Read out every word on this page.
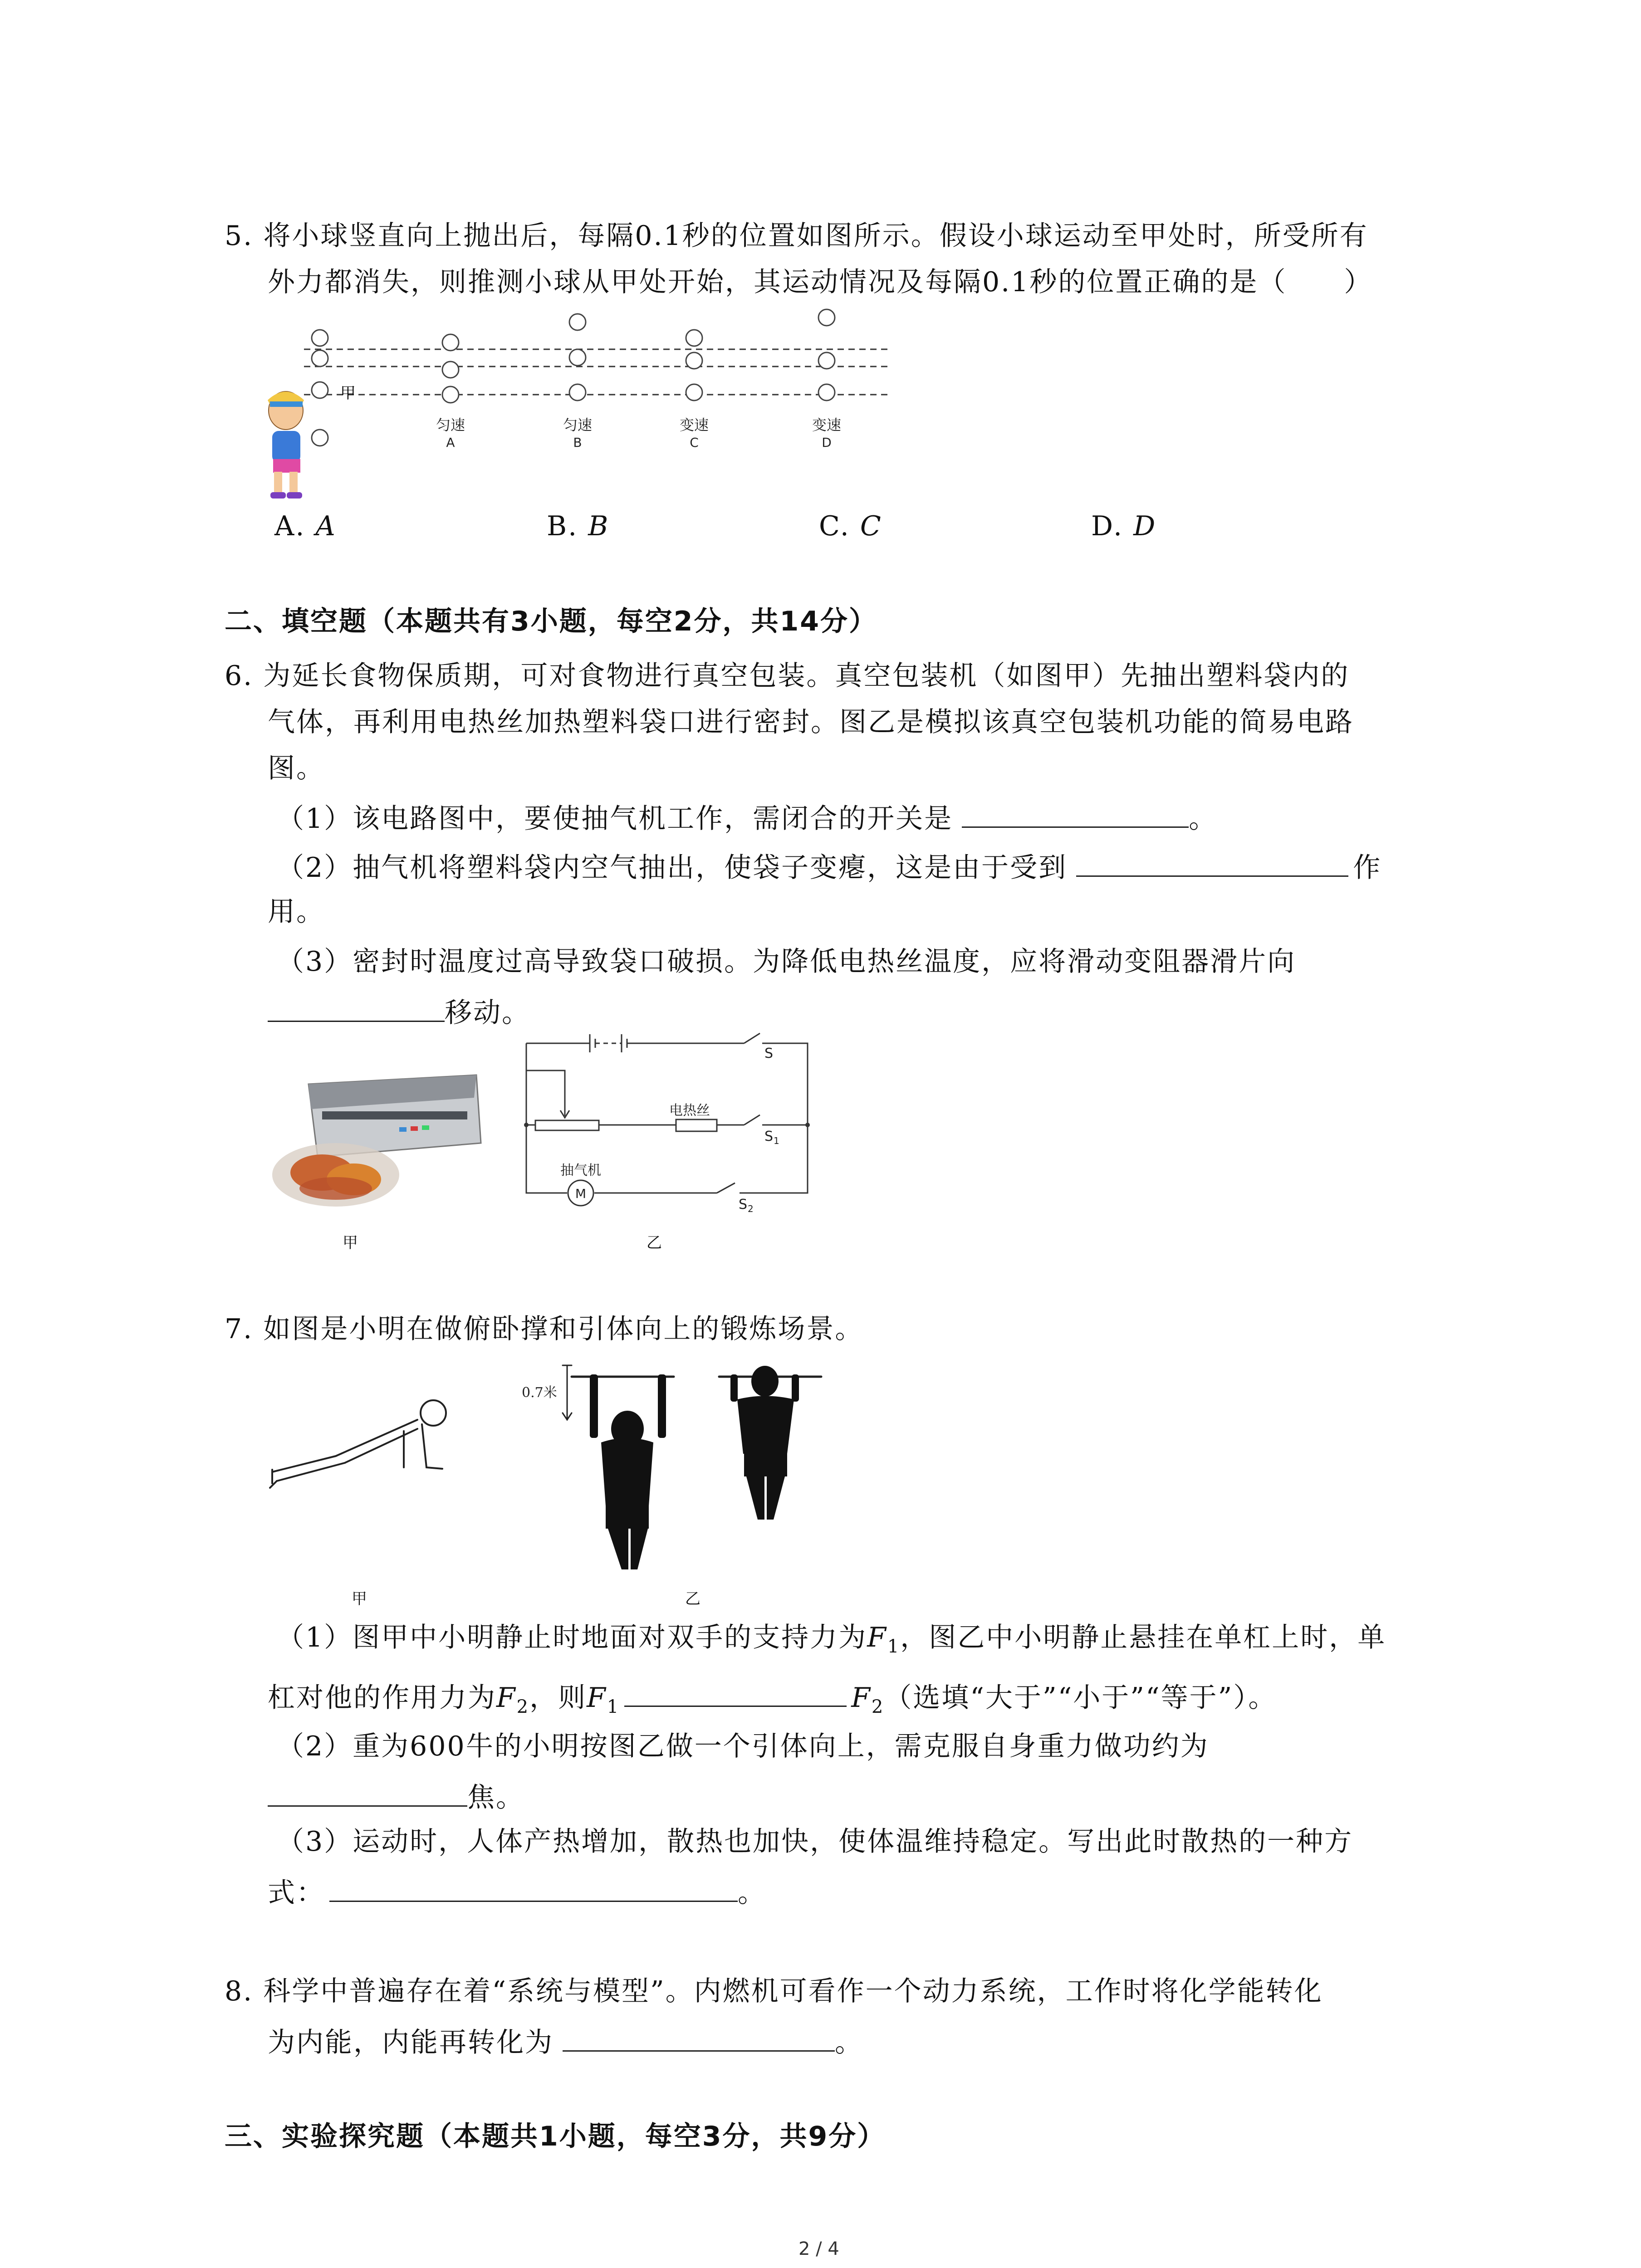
5. 将小球竖直向上抛出后，每隔0.1秒的位置如图所示。假设小球运动至甲处时，所受所有
外力都消失，则推测小球从甲处开始，其运动情况及每隔0.1秒的位置正确的是（　　）
甲
匀速
A
匀速
B
变速
C
变速
D
A. A	B. B	C. C	D. D
二、填空题（本题共有3小题，每空2分，共14分）
6. 为延长食物保质期，可对食物进行真空包装。真空包装机（如图甲）先抽出塑料袋内的
气体，再利用电热丝加热塑料袋口进行密封。图乙是模拟该真空包装机功能的简易电路
图。
（1）该电路图中，要使抽气机工作，需闭合的开关是	。
（2）抽气机将塑料袋内空气抽出，使袋子变瘪，这是由于受到	作
用。
（3）密封时温度过高导致袋口破损。为降低电热丝温度，应将滑动变阻器滑片向
移动。
甲
S
S 1
S 2
电热丝
抽气机
M
乙
7. 如图是小明在做俯卧撑和引体向上的锻炼场景。
甲
0.7米
乙
（1）图甲中小明静止时地面对双手的支持力为$F_1$，图乙中小明静止悬挂在单杠上时，单
杠对他的作用力为$F_2$，则$F_1$	$F_2$（选填“大于”“小于”“等于”）。
（2）重为600牛的小明按图乙做一个引体向上，需克服自身重力做功约为
焦。
（3）运动时，人体产热增加，散热也加快，使体温维持稳定。写出此时散热的一种方
式：	。
8. 科学中普遍存在着“系统与模型”。内燃机可看作一个动力系统，工作时将化学能转化
为内能，内能再转化为	。
三、实验探究题（本题共1小题，每空3分，共9分）
2 / 4
